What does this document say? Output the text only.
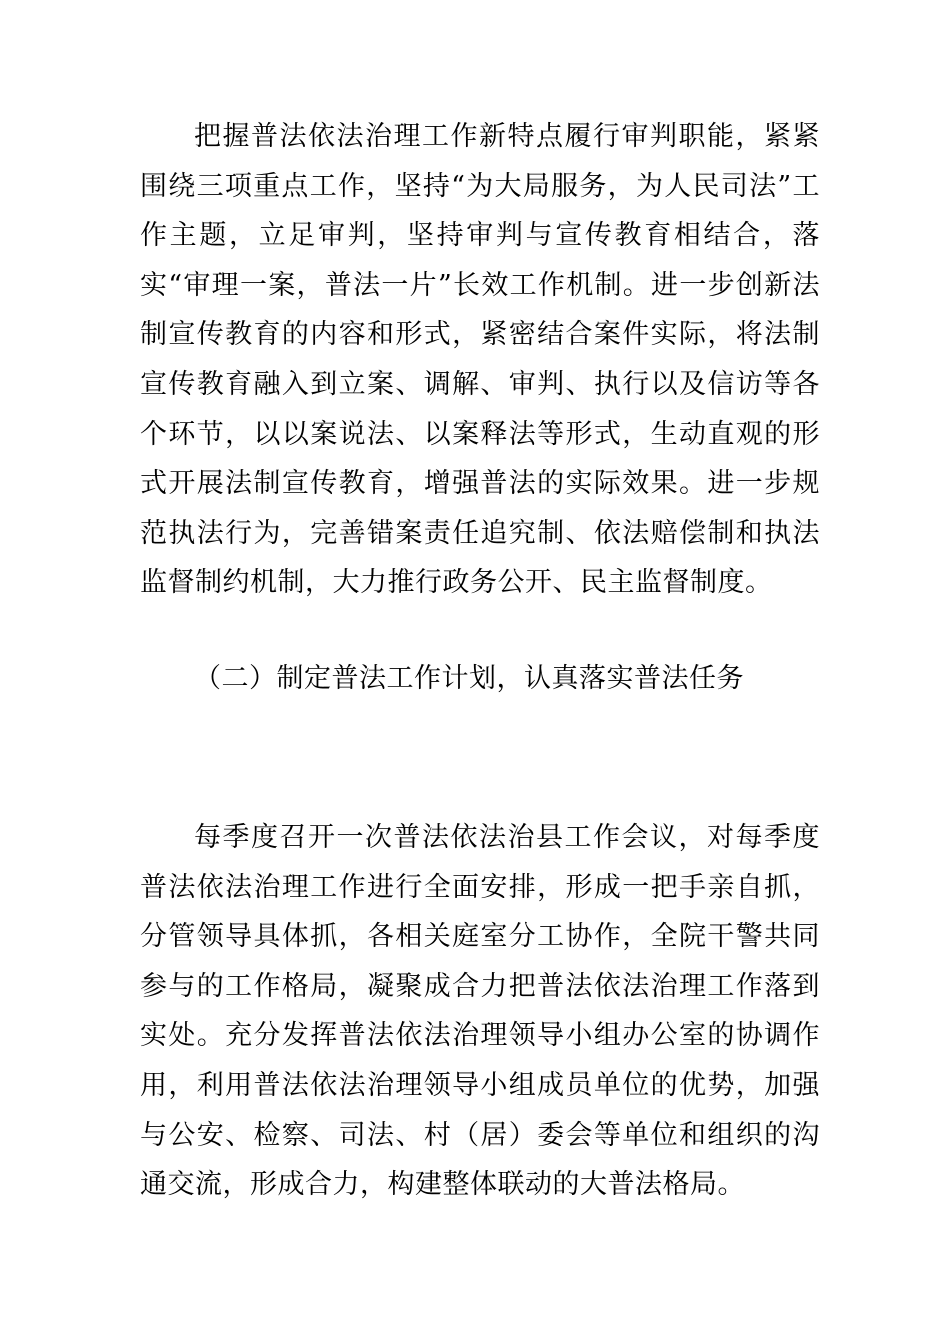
把握普法依法治理工作新特点履行审判职能，紧紧围绕三项重点工作，坚持“为大局服务，为人民司法”工作主题，立足审判，坚持审判与宣传教育相结合，落实“审理一案，普法一片”长效工作机制。进一步创新法制宣传教育的内容和形式，紧密结合案件实际，将法制宣传教育融入到立案、调解、审判、执行以及信访等各个环节，以以案说法、以案释法等形式，生动直观的形式开展法制宣传教育，增强普法的实际效果。进一步规范执法行为，完善错案责任追究制、依法赔偿制和执法监督制约机制，大力推行政务公开、民主监督制度。

（二）制定普法工作计划，认真落实普法任务

每季度召开一次普法依法治县工作会议，对每季度普法依法治理工作进行全面安排，形成一把手亲自抓，分管领导具体抓，各相关庭室分工协作，全院干警共同参与的工作格局，凝聚成合力把普法依法治理工作落到实处。充分发挥普法依法治理领导小组办公室的协调作用，利用普法依法治理领导小组成员单位的优势，加强与公安、检察、司法、村（居）委会等单位和组织的沟通交流，形成合力，构建整体联动的大普法格局。
